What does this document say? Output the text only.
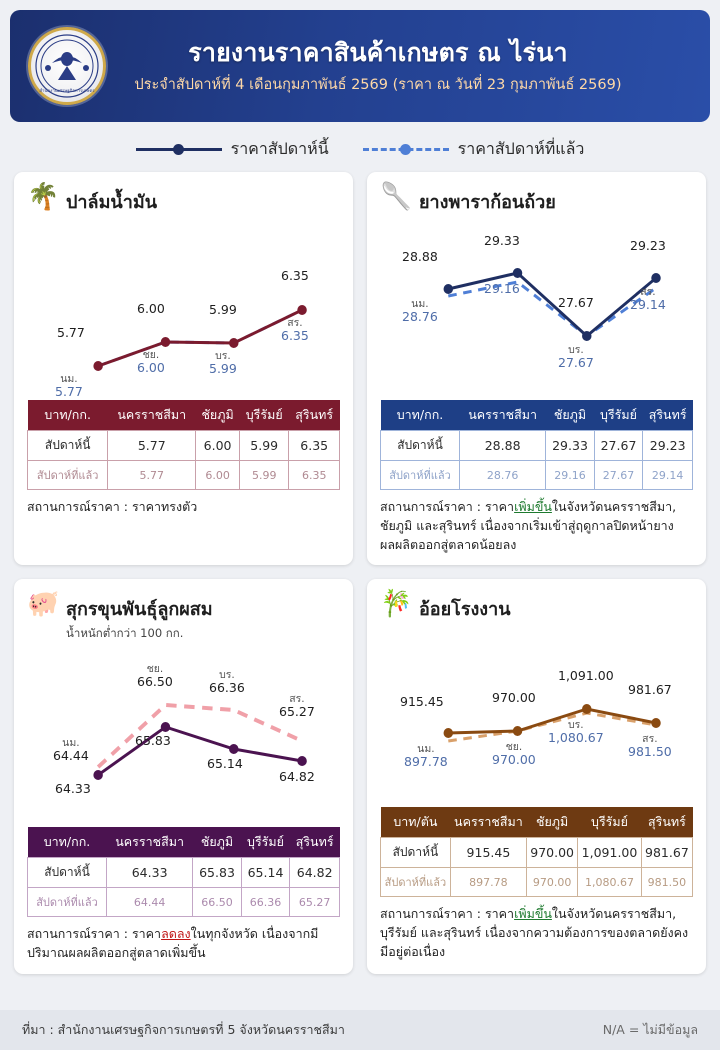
สำนักงานเศรษฐกิจการเกษตร
รายงานราคาสินค้าเกษตร ณ ไร่นา
ประจำสัปดาห์ที่ 4 เดือนกุมภาพันธ์ 2569 (ราคา ณ วันที่ 23 กุมภาพันธ์ 2569)
ราคาสัปดาห์นี้	ราคาสัปดาห์ที่แล้ว
🌴 ปาล์มน้ำมัน
5.77
นม.
5.77
6.00
ชย.
6.00
5.99
บร.
5.99
6.35
สร.
6.35
บาท/กก.	นครราชสีมา	ชัยภูมิ	บุรีรัมย์	สุรินทร์
สัปดาห์นี้	5.77	6.00	5.99	6.35
สัปดาห์ที่แล้ว	5.77	6.00	5.99	6.35
สถานการณ์ราคา : ราคาทรงตัว
🥄 ยางพาราก้อนถ้วย
28.88
นม.
28.76
29.33
29.16
27.67
บร.
27.67
29.23
สร.
29.14
บาท/กก.	นครราชสีมา	ชัยภูมิ	บุรีรัมย์	สุรินทร์
สัปดาห์นี้	28.88	29.33	27.67	29.23
สัปดาห์ที่แล้ว	28.76	29.16	27.67	29.14
สถานการณ์ราคา : ราคาเพิ่มขึ้นในจังหวัดนครราชสีมา, ชัยภูมิ และสุรินทร์ เนื่องจากเริ่มเข้าสู่ฤดูกาลปิดหน้ายาง ผลผลิตออกสู่ตลาดน้อยลง
🐖 สุกรขุนพันธุ์ลูกผสม
น้ำหนักต่ำกว่า 100 กก.
นม.
64.44
64.33
ชย.
66.50
65.83
บร.
66.36
65.14
สร.
65.27
64.82
บาท/กก.	นครราชสีมา	ชัยภูมิ	บุรีรัมย์	สุรินทร์
สัปดาห์นี้	64.33	65.83	65.14	64.82
สัปดาห์ที่แล้ว	64.44	66.50	66.36	65.27
สถานการณ์ราคา : ราคาลดลงในทุกจังหวัด เนื่องจากมีปริมาณผลผลิตออกสู่ตลาดเพิ่มขึ้น
🎋 อ้อยโรงงาน
915.45
นม.
897.78
970.00
ชย.
970.00
1,091.00
บร.
1,080.67
981.67
สร.
981.50
บาท/ตัน	นครราชสีมา	ชัยภูมิ	บุรีรัมย์	สุรินทร์
สัปดาห์นี้	915.45	970.00	1,091.00	981.67
สัปดาห์ที่แล้ว	897.78	970.00	1,080.67	981.50
สถานการณ์ราคา : ราคาเพิ่มขึ้นในจังหวัดนครราชสีมา, บุรีรัมย์ และสุรินทร์ เนื่องจากความต้องการของตลาดยังคงมีอยู่ต่อเนื่อง
ที่มา : สำนักงานเศรษฐกิจการเกษตรที่ 5 จังหวัดนครราชสีมา	N/A = ไม่มีข้อมูล
